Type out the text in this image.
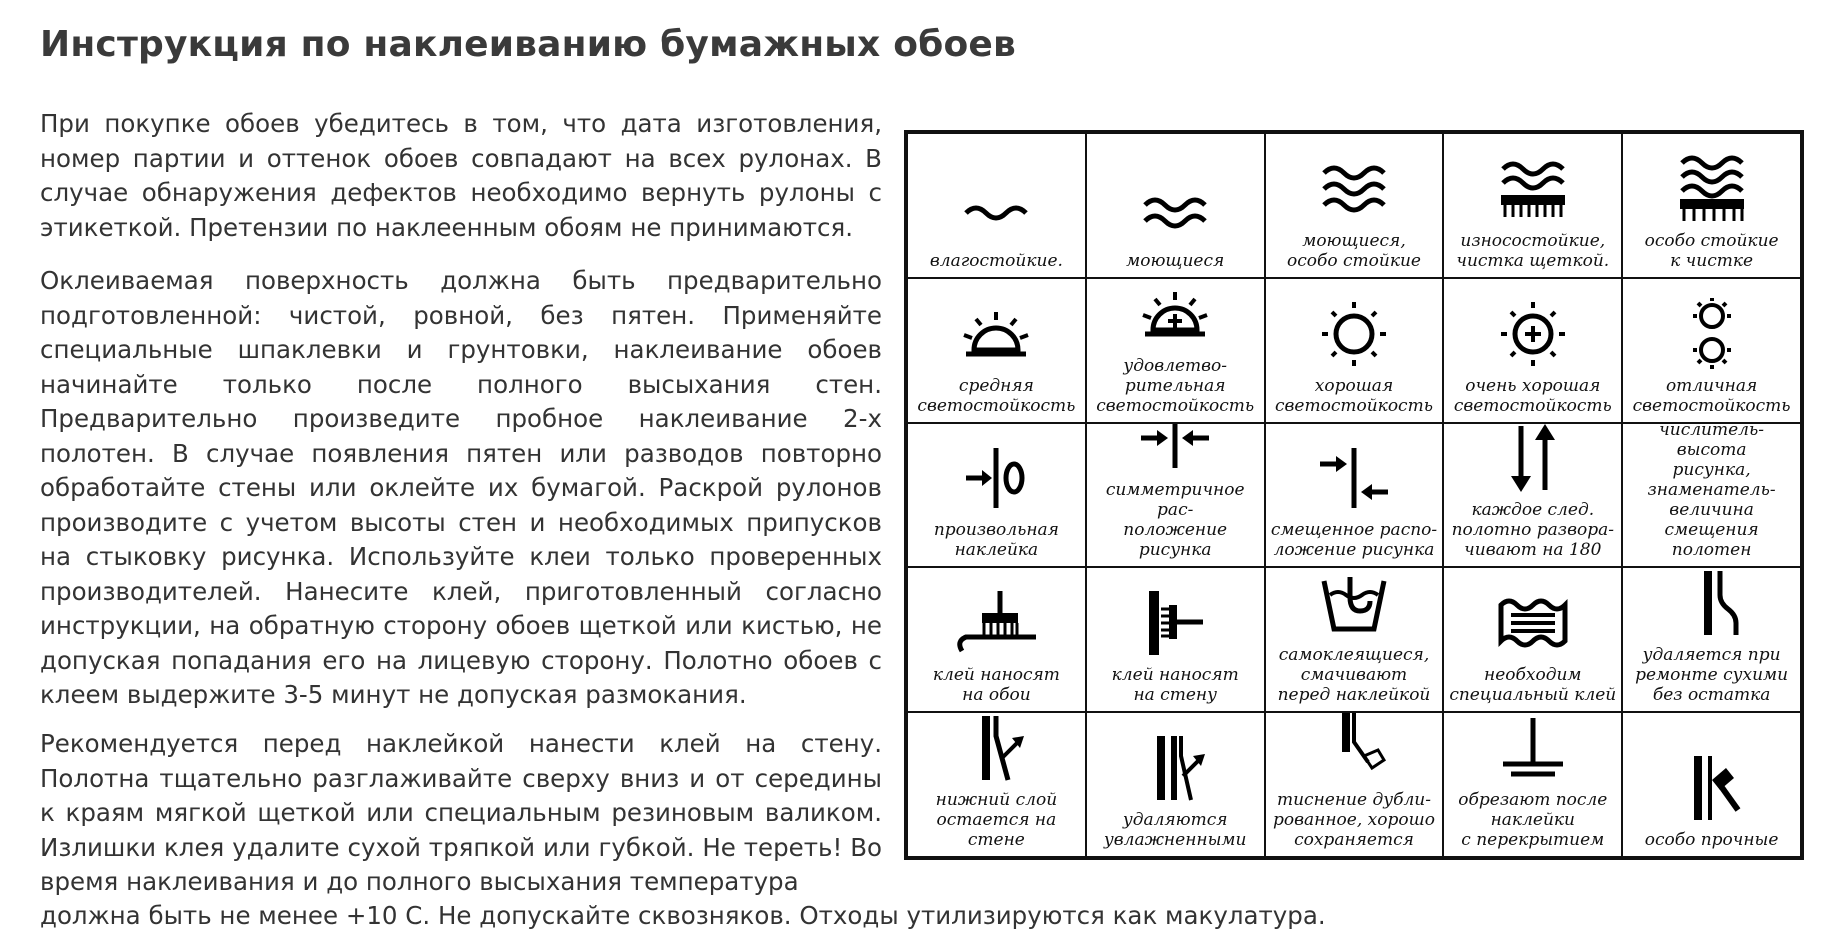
Инструкция по наклеиванию бумажных обоев

При покупке обоев убедитесь в том, что дата изготовления, номер партии и оттенок обоев совпадают на всех рулонах. В случае обнаружения дефектов необходимо вернуть рулоны с этикеткой. Претензии по наклеенным обоям не принимаются.

Оклеиваемая поверхность должна быть предварительно подготовленной: чистой, ровной, без пятен. Применяйте специальные шпаклевки и грунтовки, наклеивание обоев начинайте только после полного высыхания стен. Предварительно произведите пробное наклеивание 2-х полотен. В случае появления пятен или разводов повторно обработайте стены или оклейте их бумагой. Раскрой рулонов производите с учетом высоты стен и необходимых припусков на стыковку рисунка. Используйте клеи только проверенных производителей. Нанесите клей, приготовленный согласно инструкции, на обратную сторону обоев щеткой или кистью, не допуская попадания его на лицевую сторону. Полотно обоев с клеем выдержите 3-5 минут не допуская размокания.

Рекомендуется перед наклейкой нанести клей на стену. Полотна тщательно разглаживайте сверху вниз и от середины к краям мягкой щеткой или специальным резиновым валиком. Излишки клея удалите сухой тряпкой или губкой. Не тереть! Во время наклеивания и до полного высыхания температура

должна быть не менее +10 С. Не допускайте сквозняков. Отходы утилизируются как макулатура.

влагостойкие.	моющиеся
моющиеся,
особо стойкие
износостойкие,
чистка щеткой.
особо стойкие
к чистке
средняя
светостойкость
удовлетво-
рительная
светостойкость
хорошая
светостойкость
очень хорошая
светостойкость
отличная
светостойкость
произвольная
наклейка
симметричное рас-
положение рисунка
смещенное распо-
ложение рисунка
каждое след.
полотно развора-
чивают на 180
числитель-высота
рисунка,
знаменатель-
величина смещения
полотен
клей наносят
на обои
клей наносят
на стену
самоклеящиеся,
смачивают
перед наклейкой
необходим
специальный клей
удаляется при
ремонте сухими
без остатка
нижний слой
остается на стене
удаляются
увлажненными
тиснение дубли-
рованное, хорошо
сохраняется
обрезают после
наклейки
с перекрытием особо прочные
